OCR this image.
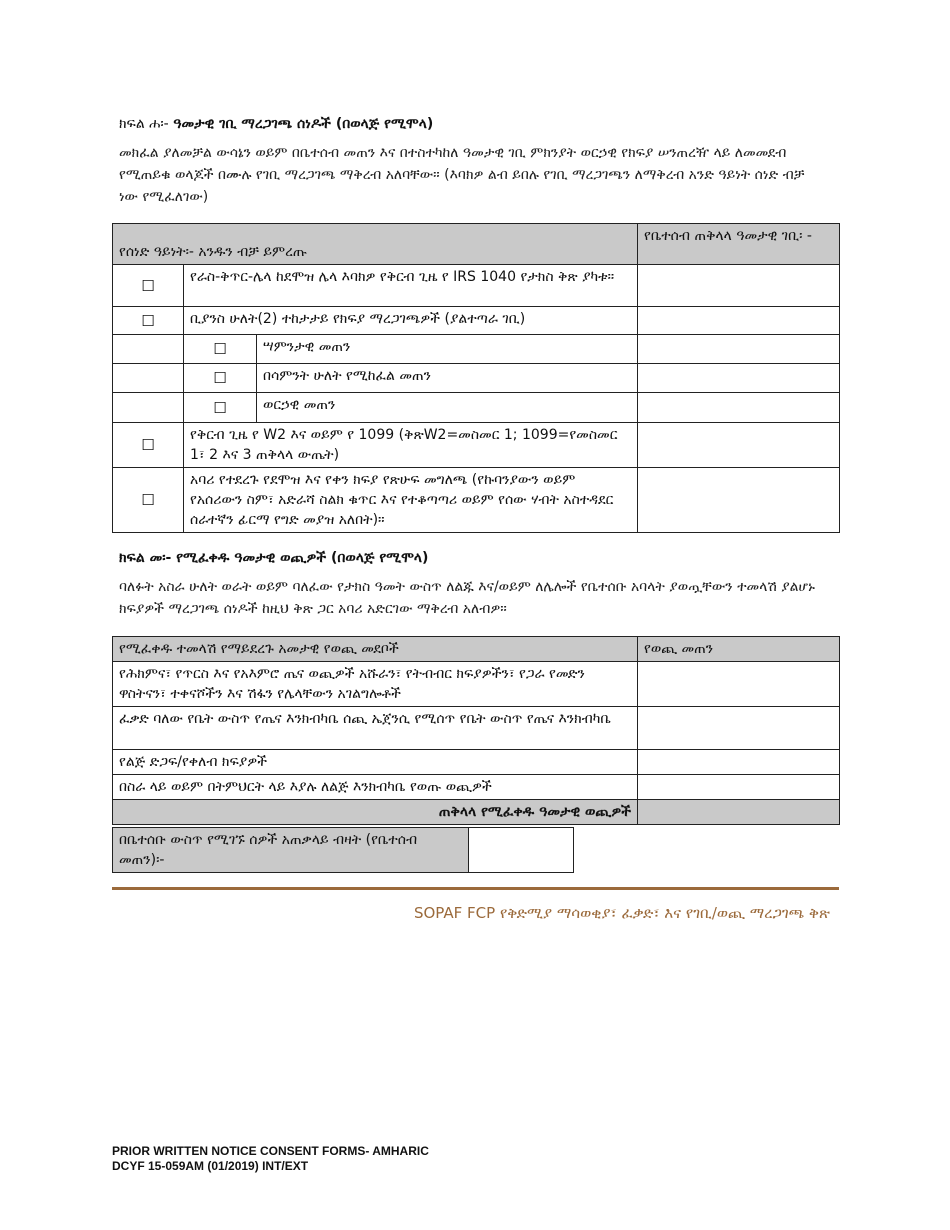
ክፍል ሐ፡- ዓመታዊ ገቢ ማረጋገጫ ሰነዶች (በወላጅ የሚሞላ)
መክፈል ያለመቻል ውሳኔን ወይም በቤተሰብ መጠን እና በተስተካከለ ዓመታዊ ገቢ ምክንያት ወርኃዊ የክፍያ ሠንጠረዥ ላይ ለመመደብ የሚጠይቁ ወላጆች በሙሉ የገቢ ማረጋገጫ ማቅረብ አለባቸው። (እባክዎ ልብ ይበሉ የገቢ ማረጋገጫን ለማቅረብ አንድ ዓይነት ሰነድ ብቻ ነው የሚፈለገው)
የሰነድ ዓይነት፡- አንዱን ብቻ ይምረጡ			የቤተሰብ ጠቅላላ ዓመታዊ ገቢ፡ -
☐	የራስ-ቅጥር-ሌላ ከደሞዝ ሌላ እባክዎ የቅርብ ጊዜ የ IRS 1040 የታክስ ቅጽ ያካቱ።		
☐	ቢያንስ ሁለት(2) ተከታታይ የክፍያ ማረጋገጫዎች (ያልተጣራ ገቢ)		
	☐	ሣምንታዊ መጠን	
	☐	በሳምንት ሁለት የሚከፈል መጠን	
	☐	ወርኃዊ መጠን	
☐	የቅርብ ጊዜ የ W2 እና ወይም የ 1099 (ቅጽW2=መስመር 1; 1099=የመስመር 1፣ 2 እና 3 ጠቅላላ ውጤት)		
☐	አባሪ የተደረጉ የደሞዝ እና የቀን ክፍያ የጽሁፍ መግለጫ (የኩባንያውን ወይም የአሰሪውን ስም፣ አድራሻ ስልክ ቁጥር እና የተቆጣጣሪ ወይም የሰው ሃብት አስተዳደር ሰራተኛን ፊርማ የግድ መያዝ አለበት)።		
ክፍል መ፡- የሚፈቀዱ ዓመታዊ ወጪዎች (በወላጅ የሚሞላ)
ባለፉት አስራ ሁለት ወራት ወይም ባለፈው የታክስ ዓመት ውስጥ ለልጁ እና/ወይም ለሌሎች የቤተሰቡ አባላት ያወጧቸውን ተመላሽ ያልሆኑ ክፍያዎች ማረጋገጫ ሰነዶች ከዚህ ቅጽ ጋር አባሪ አድርገው ማቅረብ አለብዎ።
የሚፈቀዱ ተመላሽ የማይደረጉ አመታዊ የወጪ መደቦች	የወጪ መጠን
የሕክምና፣ የጥርስ እና የአእምሮ ጤና ወጪዎች አሹራን፣ የትብብር ክፍያዎችን፣ የጋራ የመድን ዋስትናን፣ ተቀናሾችን እና ሽፋን የሌላቸውን አገልግሎቶች	
ፈቃድ ባለው የቤት ውስጥ የጤና እንክብካቤ ሰጪ ኤጀንሲ የሚሰጥ የቤት ውስጥ የጤና እንክብካቤ	
የልጅ ድጋፍ/የቀለብ ክፍያዎች	
በስራ ላይ ወይም በትምህርት ላይ እያሉ ለልጅ እንክብካቤ የወጡ ወጪዎች	
ጠቅላላ የሚፈቀዱ ዓመታዊ ወጪዎች	
በቤተሰቡ ውስጥ የሚገኙ ሰዎች አጠቃላይ ብዛት (የቤተሰብ መጠን)፡-	
SOPAF FCP የቅድሚያ ማሳወቂያ፣ ፈቃድ፣ እና የገቢ/ወጪ ማረጋገጫ ቅጽ
PRIOR WRITTEN NOTICE CONSENT FORMS- AMHARIC
DCYF 15-059AM (01/2019) INT/EXT
